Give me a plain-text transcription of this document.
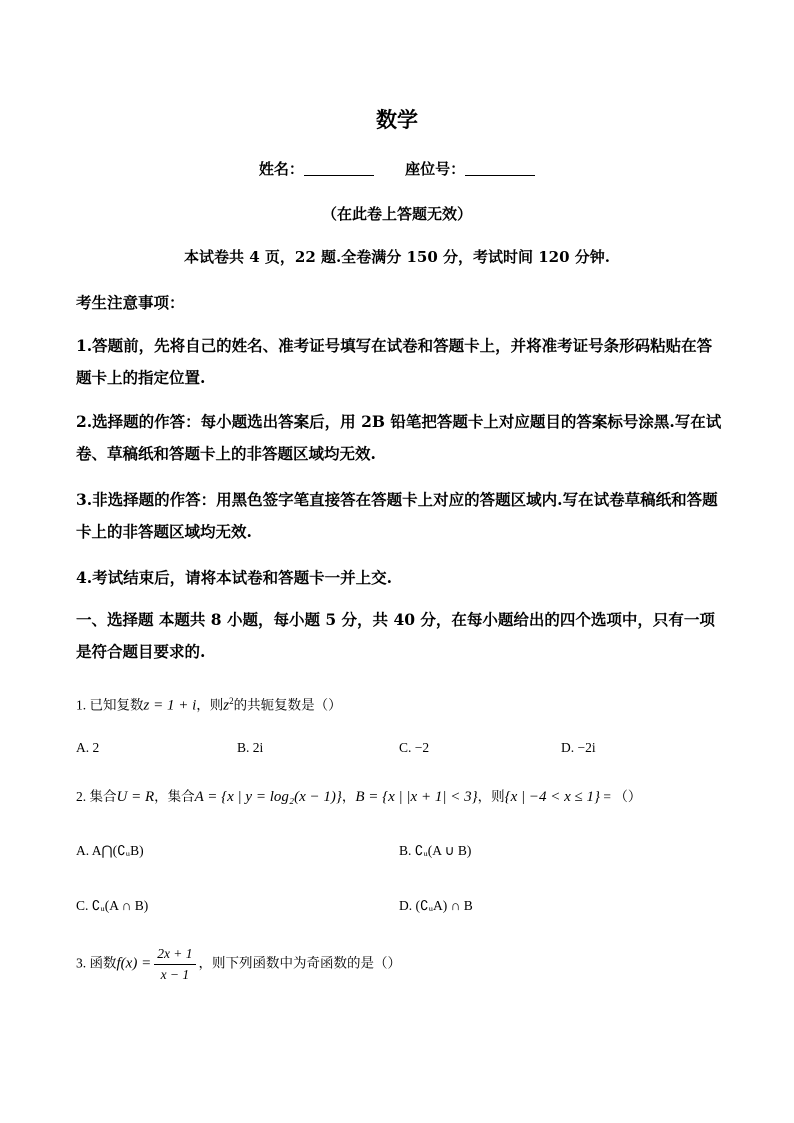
数学
姓名：	座位号：
（在此卷上答题无效）
本试卷共 4 页，22 题.全卷满分 150 分，考试时间 120 分钟.
考生注意事项：
1.答题前，先将自己的姓名、准考证号填写在试卷和答题卡上，并将准考证号条形码粘贴在答题卡上的指定位置.
2.选择题的作答：每小题选出答案后，用 2B 铅笔把答题卡上对应题目的答案标号涂黑.写在试卷、草稿纸和答题卡上的非答题区域均无效.
3.非选择题的作答：用黑色签字笔直接答在答题卡上对应的答题区域内.写在试卷草稿纸和答题卡上的非答题区域均无效.
4.考试结束后，请将本试卷和答题卡一并上交.
一、选择题 本题共 8 小题，每小题 5 分，共 40 分，在每小题给出的四个选项中，只有一项是符合题目要求的.
1. 已知复数z = 1 + i，则$z^2$的共轭复数是（）
A. 2	B. 2i	C. −2	D. −2i
2. 集合U = R，集合A = {x | y = log₂(x − 1)}，B = {x | |x + 1| < 3}，则{x | −4 < x ≤ 1} = （）
A. A⋂(∁ᵤB)	B. ∁ᵤ(A ∪ B)
C. ∁ᵤ(A ∩ B)	D. (∁ᵤA) ∩ B
3. 函数$f(x) = \frac{2x + 1}{x - 1}$ ，则下列函数中为奇函数的是（）
